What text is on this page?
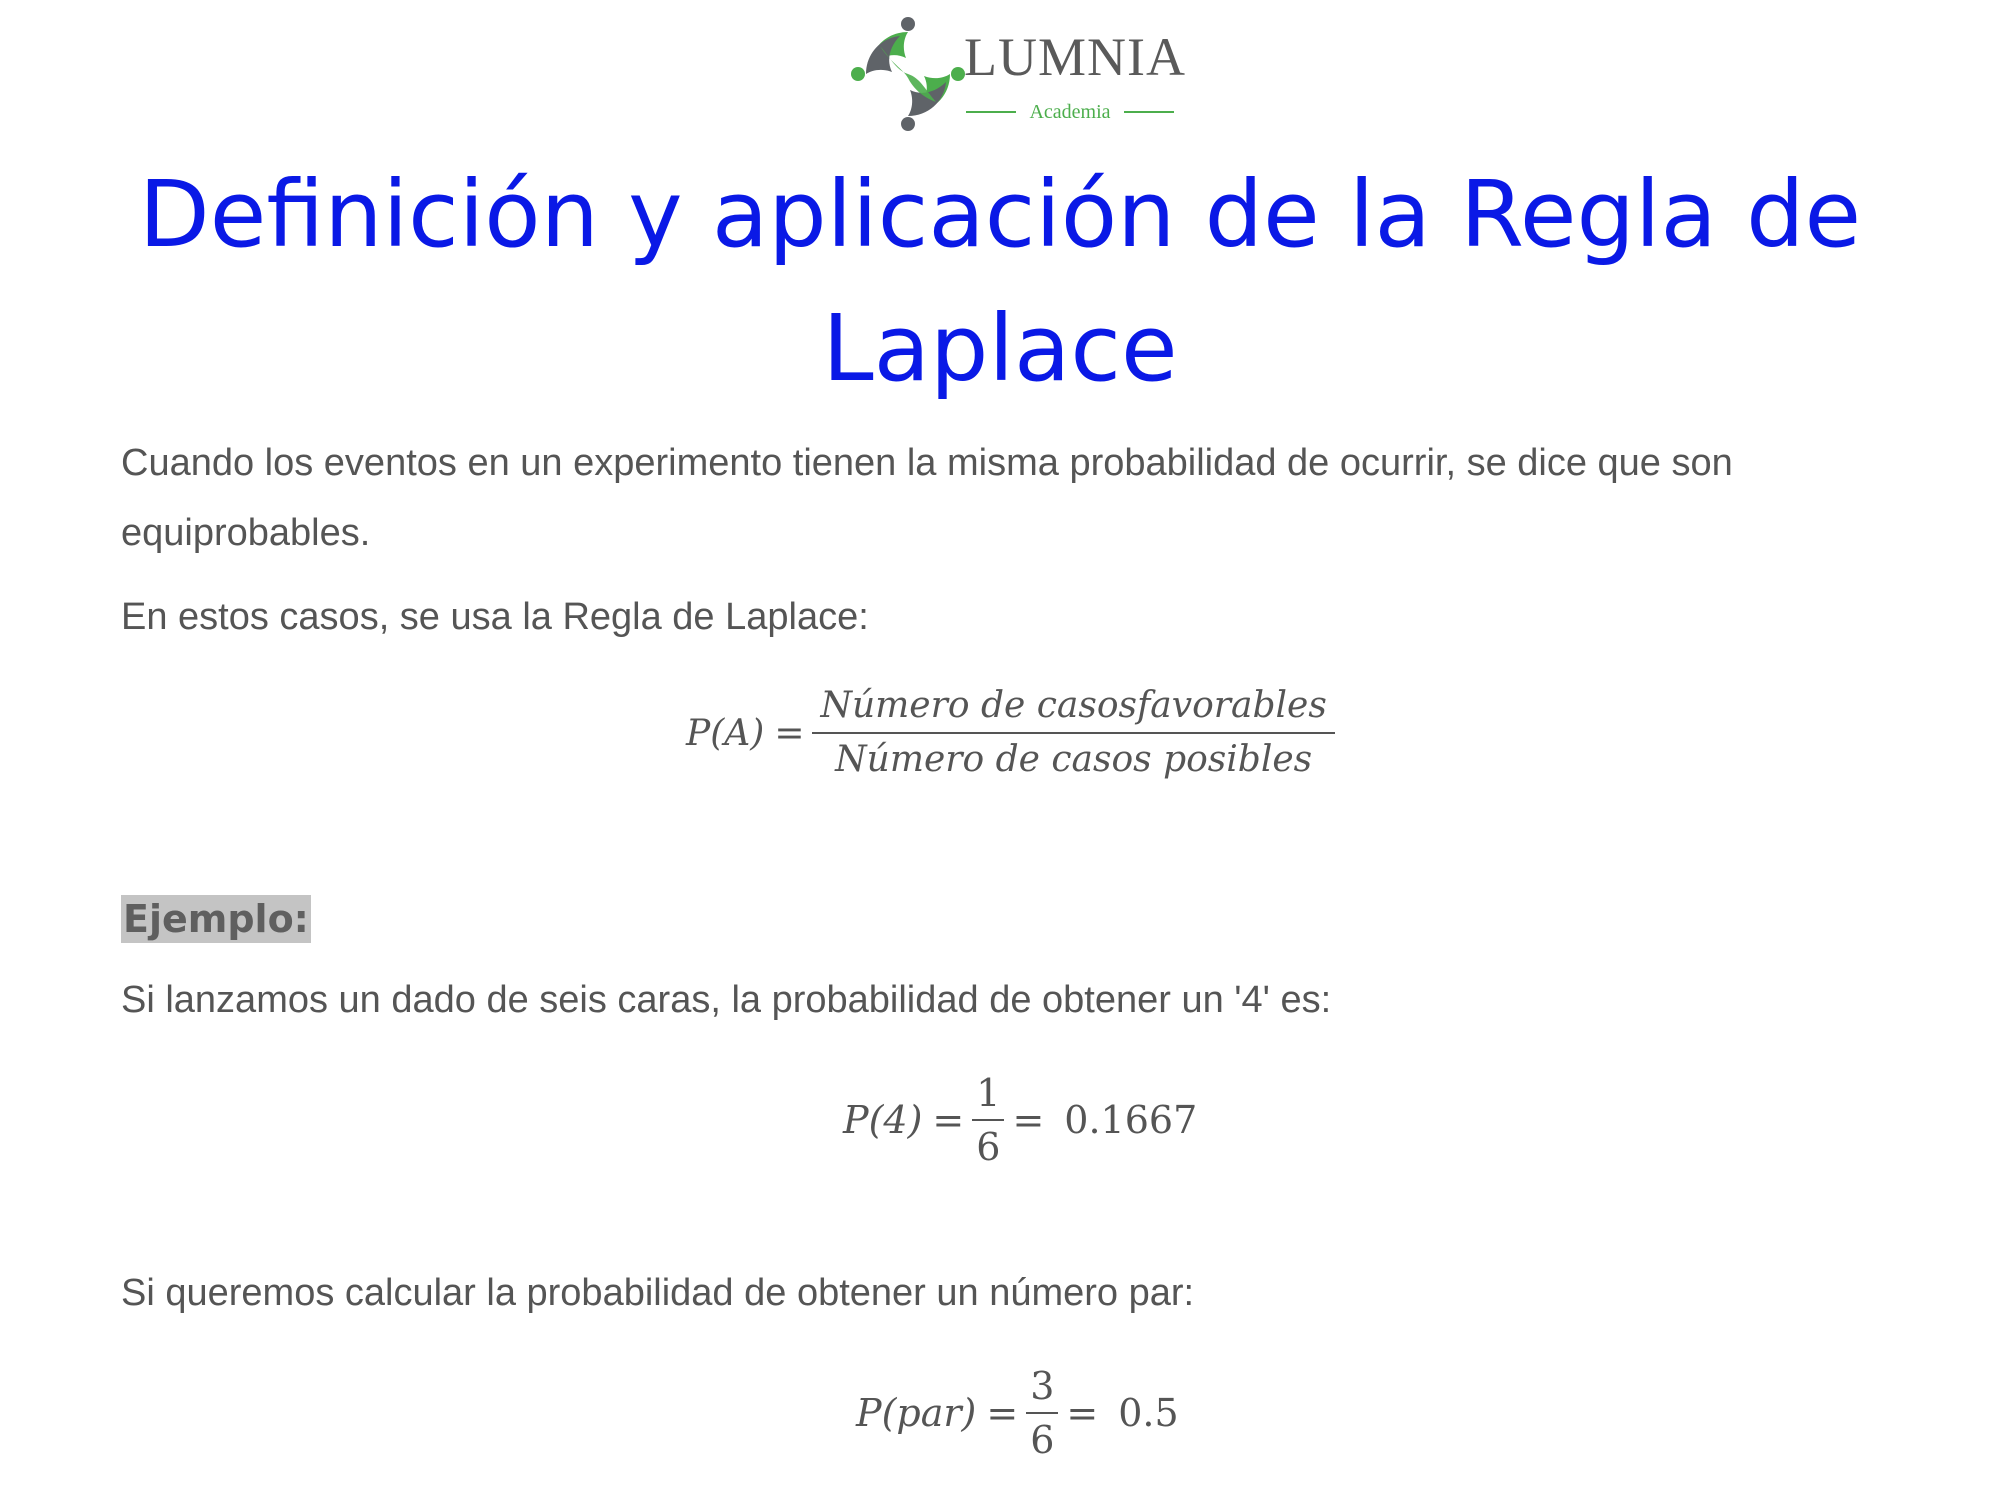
LUMNIA
Academia
Definición y aplicación de la Regla de Laplace

Cuando los eventos en un experimento tienen la misma probabilidad de ocurrir, se dice que son equiprobables.

En estos casos, se usa la Regla de Laplace:

$P(A) = \frac{\text{Número de casosfavorables}}{\text{Número de casos posibles}}$
Ejemplo:

Si lanzamos un dado de seis caras, la probabilidad de obtener un '4' es:

$P(4) = \frac{1}{6} = 0.1667$

Si queremos calcular la probabilidad de obtener un número par:

$P(par) = \frac{3}{6} = 0.5$
